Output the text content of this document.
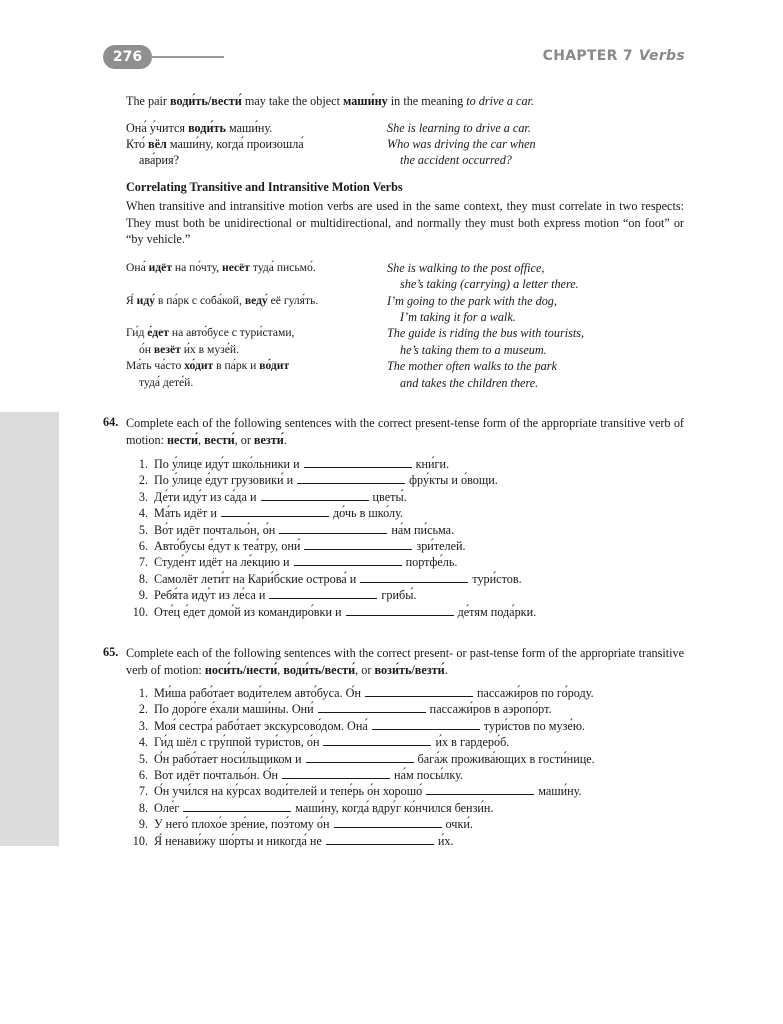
276	CHAPTER 7 Verbs
The pair води́ть/вести́ may take the object маши́ну in the meaning to drive a car.
Она́ у́чится води́ть маши́ну.	She is learning to drive a car.
Кто́ вёл маши́ну, когда́ произошла́	Who was driving the car when
ава́рия?	the accident occurred?
Correlating Transitive and Intransitive Motion Verbs
When transitive and intransitive motion verbs are used in the same context, they must correlate in two respects: They must both be unidirectional or multidirectional, and normally they must both express motion “on foot” or “by vehicle.”
Она́ идёт на по́чту, несёт туда́ письмо́.	She is walking to the post office,
she’s taking (carrying) a letter there.
Я́ иду́ в па́рк с соба́кой, веду́ её гуля́ть.	I’m going to the park with the dog,
I’m taking it for a walk.
Ги́д е́дет на авто́бусе с тури́стами,	The guide is riding the bus with tourists,
о́н везёт и́х в музе́й.	he’s taking them to a museum.
Ма́ть ча́сто хо́дит в па́рк и во́дит	The mother often walks to the park
туда́ дете́й.	and takes the children there.
64. Complete each of the following sentences with the correct present-tense form of the appropriate transitive verb of motion: нести́, вести́, or везти́.
1. По у́лице иду́т шко́льники и	кни́ги.
2. По у́лице е́дут грузовики́ и	фру́кты и о́вощи.
3. Де́ти иду́т из са́да и	цветы́.
4. Ма́ть идёт и	до́чь в шко́лу.
5. Во́т идёт почтальо́н, о́н	на́м пи́сьма.
6. Авто́бусы е́дут к теа́тру, они́	зри́телей.
7. Студе́нт идёт на ле́кцию и	портфе́ль.
8. Самолёт лети́т на Кари́бские острова́ и	тури́стов.
9. Ребя́та иду́т из ле́са и	грибы́.
10. Оте́ц е́дет домо́й из командиро́вки и	де́тям пода́рки.
65. Complete each of the following sentences with the correct present- or past-tense form of the appropriate transitive verb of motion: носи́ть/нести́, води́ть/вести́, or вози́ть/везти́.
1. Ми́ша рабо́тает води́телем авто́буса. О́н	пассажи́ров по го́роду.
2. По доро́ге е́хали маши́ны. Они́	пассажи́ров в аэропо́рт.
3. Моя́ сестра́ рабо́тает экскурсово́дом. Она́	тури́стов по музе́ю.
4. Ги́д шёл с гру́ппой тури́стов, о́н	и́х в гардеро́б.
5. О́н рабо́тает носи́льщиком и	бага́ж прожива́ющих в гости́нице.
6. Вот идёт почтальо́н. О́н	на́м посы́лку.
7. О́н учи́лся на ку́рсах води́телей и тепе́рь о́н хорошо́	маши́ну.
8. Оле́г	маши́ну, когда́ вдру́г ко́нчился бензи́н.
9. У него́ плохо́е зре́ние, поэ́тому о́н	очки́.
10. Я́ ненави́жу шо́рты и никогда́ не	и́х.
